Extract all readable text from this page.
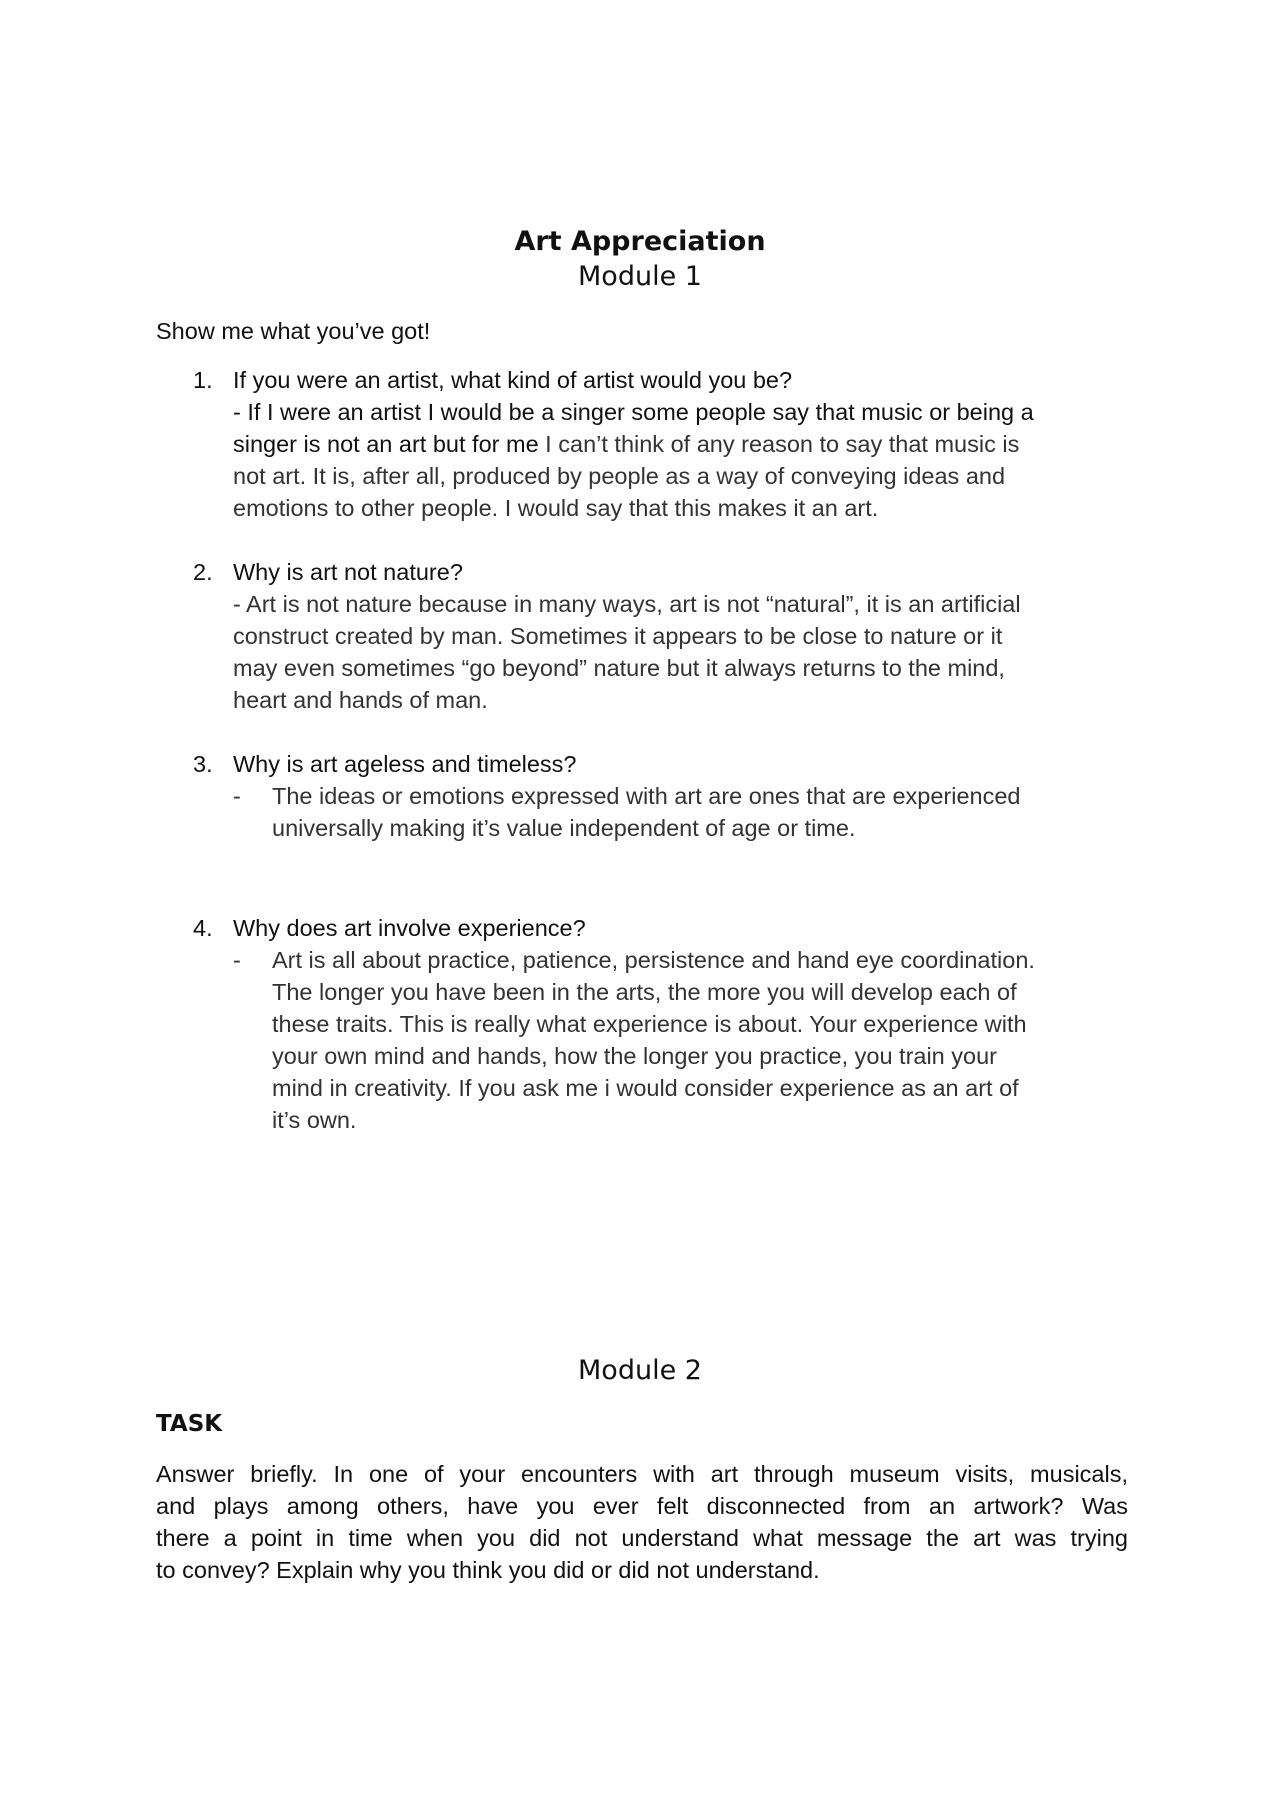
Art Appreciation
Module 1
Show me what you’ve got!
1. If you were an artist, what kind of artist would you be?
- If I were an artist I would be a singer some people say that music or being a
singer is not an art but for me I can’t think of any reason to say that music is
not art. It is, after all, produced by people as a way of conveying ideas and
emotions to other people. I would say that this makes it an art.
2. Why is art not nature?
- Art is not nature because in many ways, art is not “natural”, it is an artificial
construct created by man. Sometimes it appears to be close to nature or it
may even sometimes “go beyond” nature but it always returns to the mind,
heart and hands of man.
3. Why is art ageless and timeless?
- The ideas or emotions expressed with art are ones that are experienced
universally making it’s value independent of age or time.
4. Why does art involve experience?
- Art is all about practice, patience, persistence and hand eye coordination.
The longer you have been in the arts, the more you will develop each of
these traits. This is really what experience is about. Your experience with
your own mind and hands, how the longer you practice, you train your
mind in creativity. If you ask me i would consider experience as an art of
it’s own.
Module 2
TASK
Answer briefly. In one of your encounters with art through museum visits, musicals,
and plays among others, have you ever felt disconnected from an artwork? Was
there a point in time when you did not understand what message the art was trying
to convey? Explain why you think you did or did not understand.
